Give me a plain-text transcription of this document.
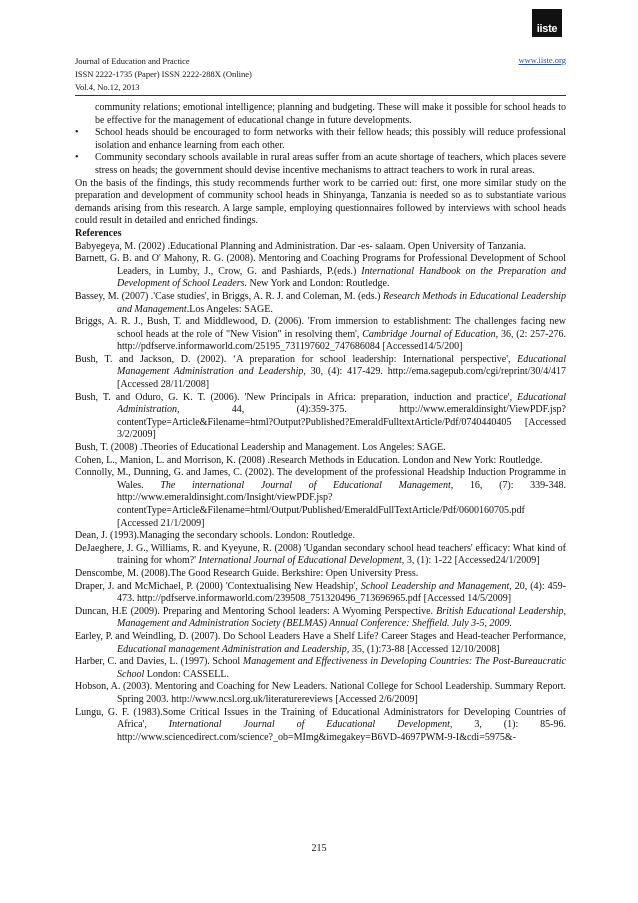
Journal of Education and Practice
ISSN 2222-1735 (Paper) ISSN 2222-288X (Online)
Vol.4, No.12, 2013
www.iiste.org
iiste

community relations; emotional intelligence; planning and budgeting. These will make it possible for school heads to be effective for the management of educational change in future developments.

• School heads should be encouraged to form networks with their fellow heads; this possibly will reduce professional isolation and enhance learning from each other.

• Community secondary schools available in rural areas suffer from an acute shortage of teachers, which places severe stress on heads; the government should devise incentive mechanisms to attract teachers to work in rural areas.

On the basis of the findings, this study recommends further work to be carried out: first, one more similar study on the preparation and development of community school heads in Shinyanga, Tanzania is needed so as to substantiate various demands arising from this research. A large sample, employing questionnaires followed by interviews with school heads could result in detailed and enriched findings.

References

Babyegeya, M. (2002) .Educational Planning and Administration. Dar -es- salaam. Open University of Tanzania.

Barnett, G. B. and O' Mahony, R. G. (2008). Mentoring and Coaching Programs for Professional Development of School Leaders, in Lumby, J., Crow, G. and Pashiards, P.(eds.) International Handbook on the Preparation and Development of School Leaders. New York and London: Routledge.

Bassey, M. (2007) .'Case studies', in Briggs, A. R. J. and Coleman, M. (eds.) Research Methods in Educational Leadership and Management.Los Angeles: SAGE.

Briggs, A. R. J., Bush, T. and Middlewood, D. (2006). 'From immersion to establishment: The challenges facing new school heads at the role of "New Vision" in resolving them', Cambridge Journal of Education, 36, (2: 257-276. http://pdfserve.informaworld.com/25195_731197602_747686084 [Accessed14/5/200]

Bush, T. and Jackson, D. (2002). ‘A preparation for school leadership: International perspective', Educational Management Administration and Leadership, 30, (4): 417-429. http://ema.sagepub.com/cgi/reprint/30/4/417 [Accessed 28/11/2008]

Bush, T. and Oduro, G. K. T. (2006). 'New Principals in Africa: preparation, induction and practice', Educational Administration, 44, (4):359-375. http://www.emeraldinsight/ViewPDF.jsp?contentType=Article&Filename=html?Output?Published?EmeraldFulltextArticle/Pdf/0740440405 [Accessed 3/2/2009]

Bush, T. (2008) .Theories of Educational Leadership and Management. Los Angeles: SAGE.

Cohen, L., Manion, L. and Morrison, K. (2008) .Research Methods in Education. London and New York: Routledge.

Connolly, M., Dunning, G. and James, C. (2002). The development of the professional Headship Induction Programme in Wales. The international Journal of Educational Management, 16, (7): 339-348. http://www.emeraldinsight.com/Insight/viewPDF.jsp?contentType=Article&Filename=html/Output/Published/EmeraldFullTextArticle/Pdf/0600160705.pdf [Accessed 21/1/2009]

Dean, J. (1993).Managing the secondary schools. London: Routledge.

DeJaeghere, J. G., Williams, R. and Kyeyune, R. (2008) 'Ugandan secondary school head teachers' efficacy: What kind of training for whom?' International Journal of Educational Development, 3, (1): 1-22 [Accessed24/1/2009]

Denscombe, M. (2008).The Good Research Guide. Berkshire: Open University Press.

Draper, J. and McMichael, P. (2000) 'Contextualising New Headship', School Leadership and Management, 20, (4): 459-473. http://pdfserve.informaworld.com/239508_751320496_713696965.pdf [Accessed 14/5/2009]

Duncan, H.E (2009). Preparing and Mentoring School leaders: A Wyoming Perspective. British Educational Leadership, Management and Administration Society (BELMAS) Annual Conference: Sheffield. July 3-5, 2009.

Earley, P. and Weindling, D. (2007). Do School Leaders Have a Shelf Life? Career Stages and Head-teacher Performance, Educational management Administration and Leadership, 35, (1):73-88 [Accessed 12/10/2008]

Harber, C. and Davies, L. (1997). School Management and Effectiveness in Developing Countries: The Post-Bureaucratic School London: CASSELL.

Hobson, A. (2003). Mentoring and Coaching for New Leaders. National College for School Leadership. Summary Report. Spring 2003. http://www.ncsl.org.uk/literaturereviews [Accessed 2/6/2009]

Lungu, G. F. (1983).Some Critical Issues in the Training of Educational Administrators for Developing Countries of Africa', International Journal of Educational Development, 3, (1): 85-96. http://www.sciencedirect.com/science?_ob=MImg&imegakey=B6VD-4697PWM-9-I&cdi=5975&-

215
